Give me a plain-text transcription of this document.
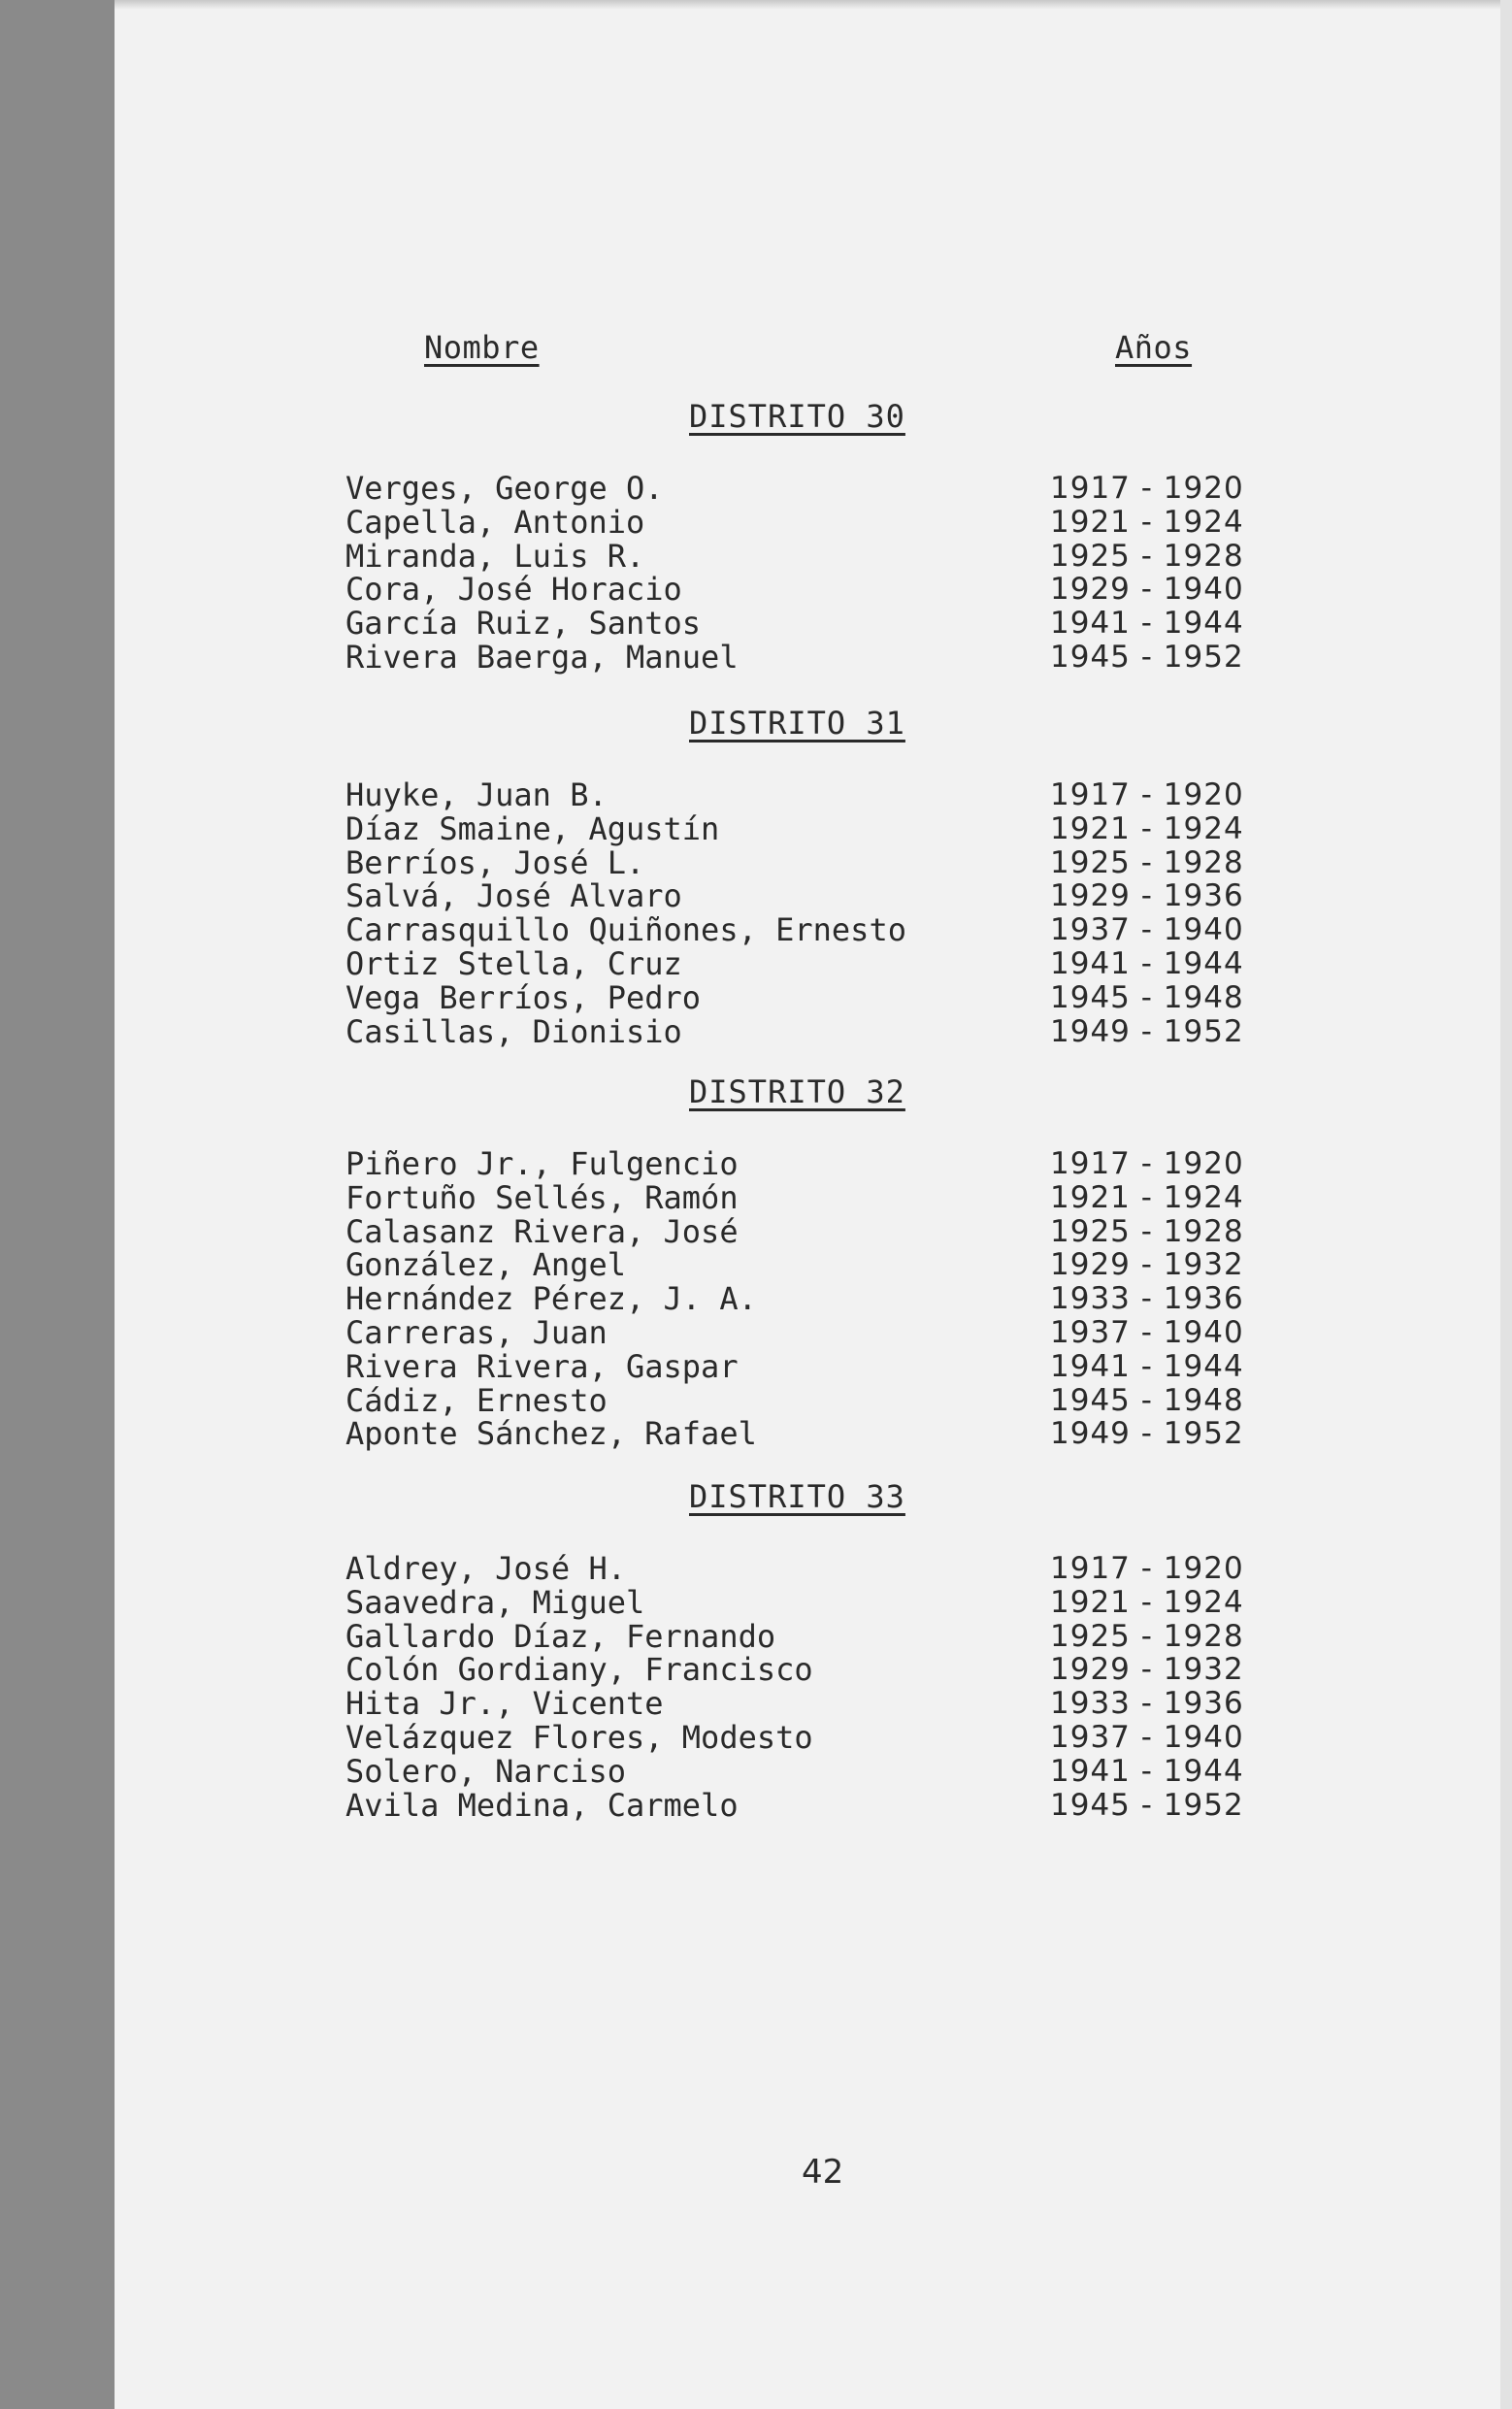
Nombre	Años
DISTRITO 30
Verges, George O.	1917 - 1920
Capella, Antonio	1921 - 1924
Miranda, Luis R.	1925 - 1928
Cora, José Horacio	1929 - 1940
García Ruiz, Santos	1941 - 1944
Rivera Baerga, Manuel	1945 - 1952
DISTRITO 31
Huyke, Juan B.	1917 - 1920
Díaz Smaine, Agustín	1921 - 1924
Berríos, José L.	1925 - 1928
Salvá, José Alvaro	1929 - 1936
Carrasquillo Quiñones, Ernesto	1937 - 1940
Ortiz Stella, Cruz	1941 - 1944
Vega Berríos, Pedro	1945 - 1948
Casillas, Dionisio	1949 - 1952
DISTRITO 32
Piñero Jr., Fulgencio	1917 - 1920
Fortuño Sellés, Ramón	1921 - 1924
Calasanz Rivera, José	1925 - 1928
González, Angel	1929 - 1932
Hernández Pérez, J. A.	1933 - 1936
Carreras, Juan	1937 - 1940
Rivera Rivera, Gaspar	1941 - 1944
Cádiz, Ernesto	1945 - 1948
Aponte Sánchez, Rafael	1949 - 1952
DISTRITO 33
Aldrey, José H.	1917 - 1920
Saavedra, Miguel	1921 - 1924
Gallardo Díaz, Fernando	1925 - 1928
Colón Gordiany, Francisco	1929 - 1932
Hita Jr., Vicente	1933 - 1936
Velázquez Flores, Modesto	1937 - 1940
Solero, Narciso	1941 - 1944
Avila Medina, Carmelo	1945 - 1952
42
